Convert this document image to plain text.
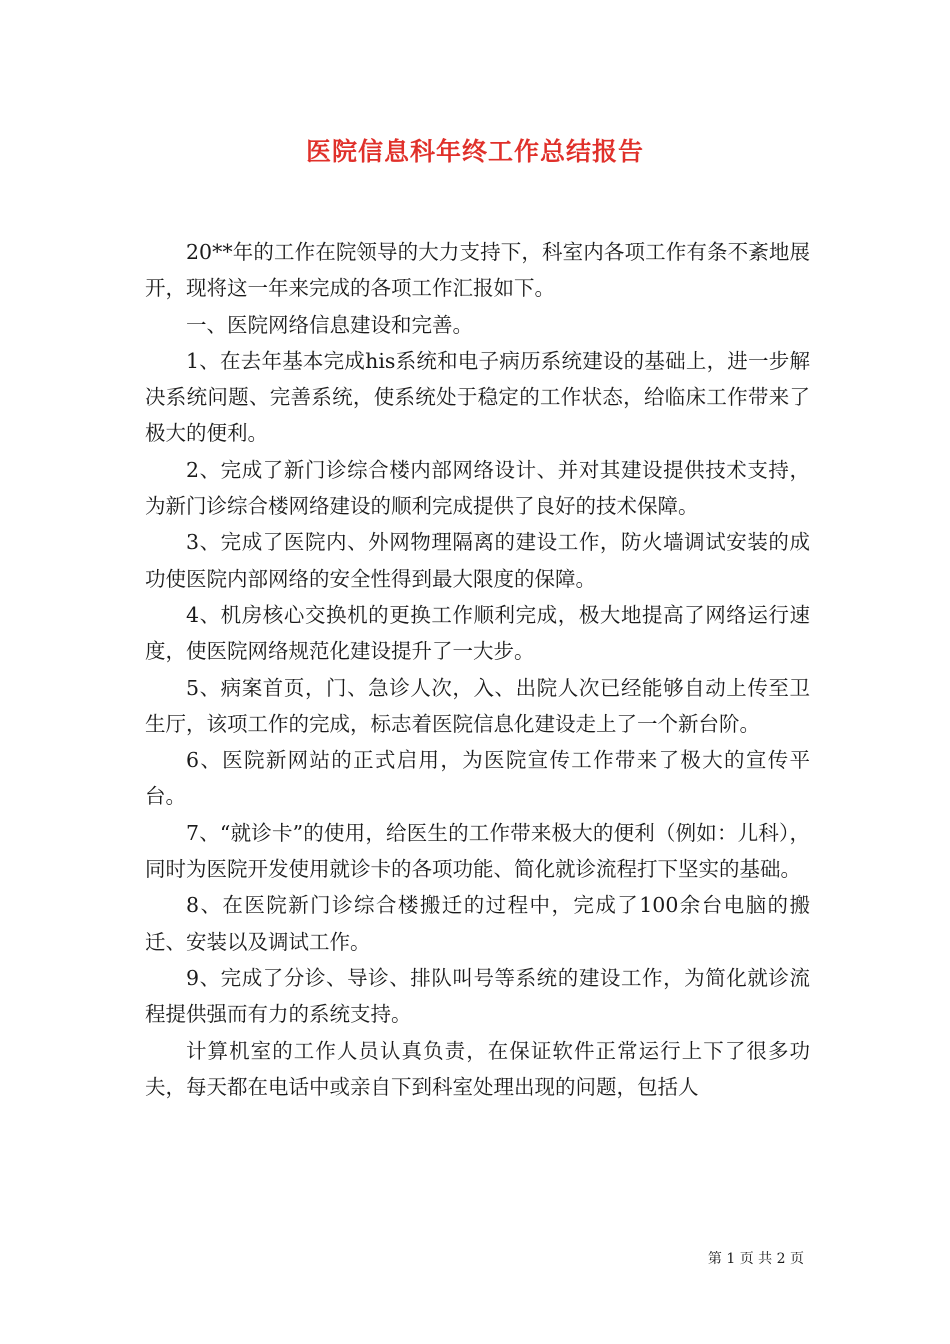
医院信息科年终工作总结报告

20**年的工作在院领导的大力支持下，科室内各项工作有条不紊地展开，现将这一年来完成的各项工作汇报如下。

一、医院网络信息建设和完善。

1、在去年基本完成his系统和电子病历系统建设的基础上，进一步解决系统问题、完善系统，使系统处于稳定的工作状态，给临床工作带来了极大的便利。

2、完成了新门诊综合楼内部网络设计、并对其建设提供技术支持，为新门诊综合楼网络建设的顺利完成提供了良好的技术保障。

3、完成了医院内、外网物理隔离的建设工作，防火墙调试安装的成功使医院内部网络的安全性得到最大限度的保障。

4、机房核心交换机的更换工作顺利完成，极大地提高了网络运行速度，使医院网络规范化建设提升了一大步。

5、病案首页，门、急诊人次，入、出院人次已经能够自动上传至卫生厅，该项工作的完成，标志着医院信息化建设走上了一个新台阶。

6、医院新网站的正式启用，为医院宣传工作带来了极大的宣传平台。

7、“就诊卡”的使用，给医生的工作带来极大的便利（例如：儿科），同时为医院开发使用就诊卡的各项功能、简化就诊流程打下坚实的基础。

8、在医院新门诊综合楼搬迁的过程中，完成了100余台电脑的搬迁、安装以及调试工作。

9、完成了分诊、导诊、排队叫号等系统的建设工作，为简化就诊流程提供强而有力的系统支持。

计算机室的工作人员认真负责，在保证软件正常运行上下了很多功夫，每天都在电话中或亲自下到科室处理出现的问题，包括人

第 1 页 共 2 页
